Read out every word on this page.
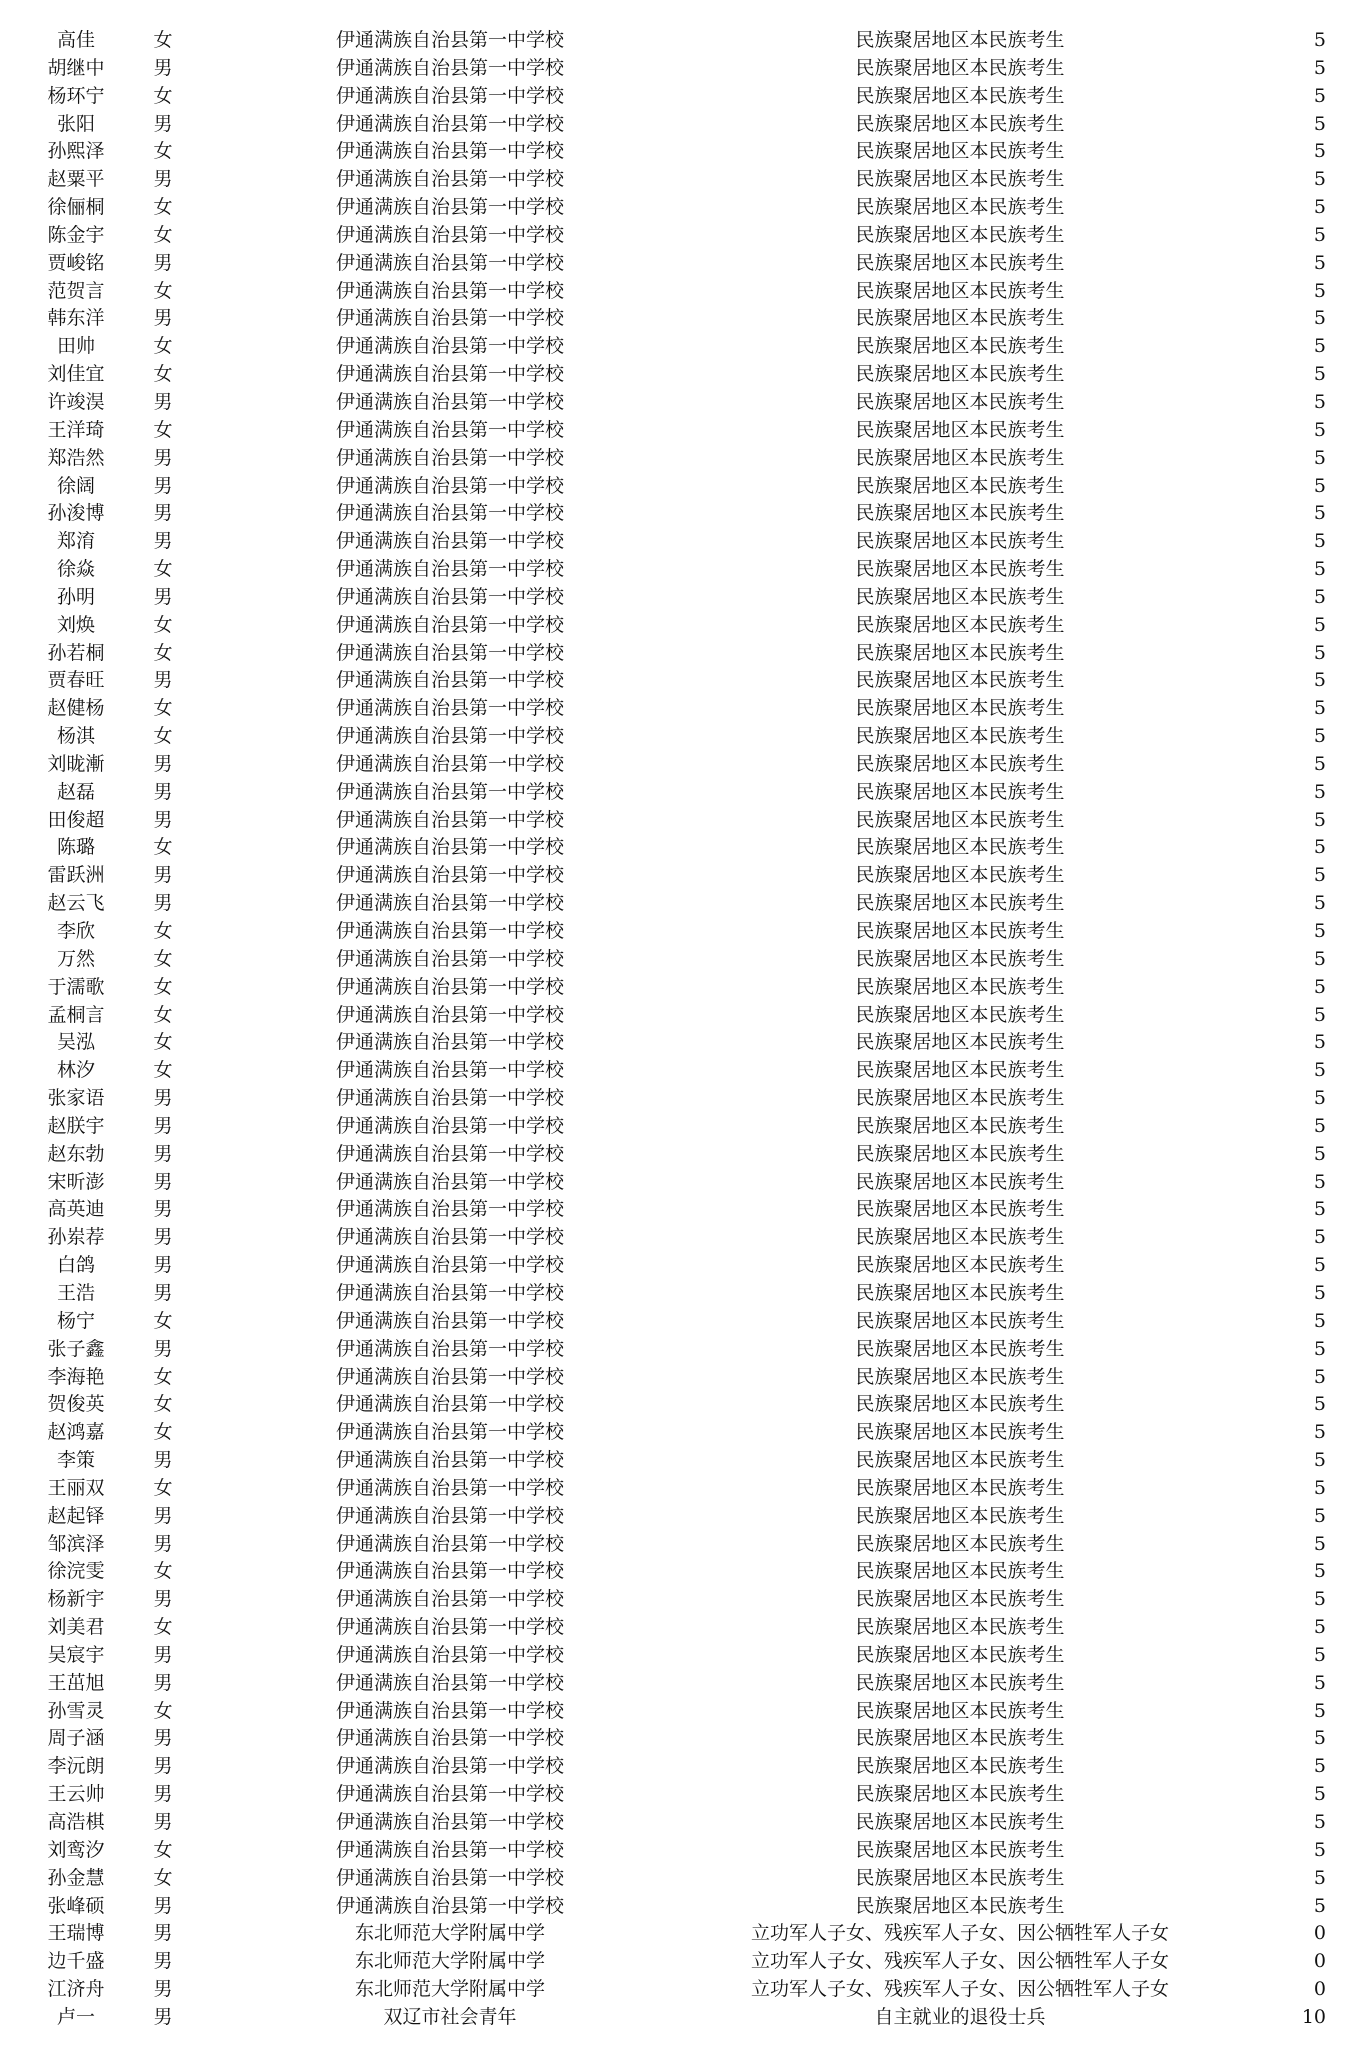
高佳	女	伊通满族自治县第一中学校	民族聚居地区本民族考生	5
胡继中	男	伊通满族自治县第一中学校	民族聚居地区本民族考生	5
杨环宁	女	伊通满族自治县第一中学校	民族聚居地区本民族考生	5
张阳	男	伊通满族自治县第一中学校	民族聚居地区本民族考生	5
孙熙泽	女	伊通满族自治县第一中学校	民族聚居地区本民族考生	5
赵粟平	男	伊通满族自治县第一中学校	民族聚居地区本民族考生	5
徐俪桐	女	伊通满族自治县第一中学校	民族聚居地区本民族考生	5
陈金宇	女	伊通满族自治县第一中学校	民族聚居地区本民族考生	5
贾峻铭	男	伊通满族自治县第一中学校	民族聚居地区本民族考生	5
范贺言	女	伊通满族自治县第一中学校	民族聚居地区本民族考生	5
韩东洋	男	伊通满族自治县第一中学校	民族聚居地区本民族考生	5
田帅	女	伊通满族自治县第一中学校	民族聚居地区本民族考生	5
刘佳宜	女	伊通满族自治县第一中学校	民族聚居地区本民族考生	5
许竣淏	男	伊通满族自治县第一中学校	民族聚居地区本民族考生	5
王洋琦	女	伊通满族自治县第一中学校	民族聚居地区本民族考生	5
郑浩然	男	伊通满族自治县第一中学校	民族聚居地区本民族考生	5
徐阔	男	伊通满族自治县第一中学校	民族聚居地区本民族考生	5
孙浚博	男	伊通满族自治县第一中学校	民族聚居地区本民族考生	5
郑淯	男	伊通满族自治县第一中学校	民族聚居地区本民族考生	5
徐焱	女	伊通满族自治县第一中学校	民族聚居地区本民族考生	5
孙明	男	伊通满族自治县第一中学校	民族聚居地区本民族考生	5
刘焕	女	伊通满族自治县第一中学校	民族聚居地区本民族考生	5
孙若桐	女	伊通满族自治县第一中学校	民族聚居地区本民族考生	5
贾春旺	男	伊通满族自治县第一中学校	民族聚居地区本民族考生	5
赵健杨	女	伊通满族自治县第一中学校	民族聚居地区本民族考生	5
杨淇	女	伊通满族自治县第一中学校	民族聚居地区本民族考生	5
刘昽漸	男	伊通满族自治县第一中学校	民族聚居地区本民族考生	5
赵磊	男	伊通满族自治县第一中学校	民族聚居地区本民族考生	5
田俊超	男	伊通满族自治县第一中学校	民族聚居地区本民族考生	5
陈璐	女	伊通满族自治县第一中学校	民族聚居地区本民族考生	5
雷跃洲	男	伊通满族自治县第一中学校	民族聚居地区本民族考生	5
赵云飞	男	伊通满族自治县第一中学校	民族聚居地区本民族考生	5
李欣	女	伊通满族自治县第一中学校	民族聚居地区本民族考生	5
万然	女	伊通满族自治县第一中学校	民族聚居地区本民族考生	5
于濡歌	女	伊通满族自治县第一中学校	民族聚居地区本民族考生	5
孟桐言	女	伊通满族自治县第一中学校	民族聚居地区本民族考生	5
吴泓	女	伊通满族自治县第一中学校	民族聚居地区本民族考生	5
林汐	女	伊通满族自治县第一中学校	民族聚居地区本民族考生	5
张家语	男	伊通满族自治县第一中学校	民族聚居地区本民族考生	5
赵朕宇	男	伊通满族自治县第一中学校	民族聚居地区本民族考生	5
赵东勃	男	伊通满族自治县第一中学校	民族聚居地区本民族考生	5
宋昕澎	男	伊通满族自治县第一中学校	民族聚居地区本民族考生	5
高英迪	男	伊通满族自治县第一中学校	民族聚居地区本民族考生	5
孙岽荐	男	伊通满族自治县第一中学校	民族聚居地区本民族考生	5
白鸽	男	伊通满族自治县第一中学校	民族聚居地区本民族考生	5
王浩	男	伊通满族自治县第一中学校	民族聚居地区本民族考生	5
杨宁	女	伊通满族自治县第一中学校	民族聚居地区本民族考生	5
张子鑫	男	伊通满族自治县第一中学校	民族聚居地区本民族考生	5
李海艳	女	伊通满族自治县第一中学校	民族聚居地区本民族考生	5
贺俊英	女	伊通满族自治县第一中学校	民族聚居地区本民族考生	5
赵鸿嘉	女	伊通满族自治县第一中学校	民族聚居地区本民族考生	5
李策	男	伊通满族自治县第一中学校	民族聚居地区本民族考生	5
王丽双	女	伊通满族自治县第一中学校	民族聚居地区本民族考生	5
赵起铎	男	伊通满族自治县第一中学校	民族聚居地区本民族考生	5
邹滨泽	男	伊通满族自治县第一中学校	民族聚居地区本民族考生	5
徐浣雯	女	伊通满族自治县第一中学校	民族聚居地区本民族考生	5
杨新宇	男	伊通满族自治县第一中学校	民族聚居地区本民族考生	5
刘美君	女	伊通满族自治县第一中学校	民族聚居地区本民族考生	5
吴宸宇	男	伊通满族自治县第一中学校	民族聚居地区本民族考生	5
王茁旭	男	伊通满族自治县第一中学校	民族聚居地区本民族考生	5
孙雪灵	女	伊通满族自治县第一中学校	民族聚居地区本民族考生	5
周子涵	男	伊通满族自治县第一中学校	民族聚居地区本民族考生	5
李沅朗	男	伊通满族自治县第一中学校	民族聚居地区本民族考生	5
王云帅	男	伊通满族自治县第一中学校	民族聚居地区本民族考生	5
高浩棋	男	伊通满族自治县第一中学校	民族聚居地区本民族考生	5
刘鸾汐	女	伊通满族自治县第一中学校	民族聚居地区本民族考生	5
孙金慧	女	伊通满族自治县第一中学校	民族聚居地区本民族考生	5
张峰硕	男	伊通满族自治县第一中学校	民族聚居地区本民族考生	5
王瑞博	男	东北师范大学附属中学	立功军人子女、残疾军人子女、因公牺牲军人子女	0
边千盛	男	东北师范大学附属中学	立功军人子女、残疾军人子女、因公牺牲军人子女	0
江济舟	男	东北师范大学附属中学	立功军人子女、残疾军人子女、因公牺牲军人子女	0
卢一	男	双辽市社会青年	自主就业的退役士兵	10
